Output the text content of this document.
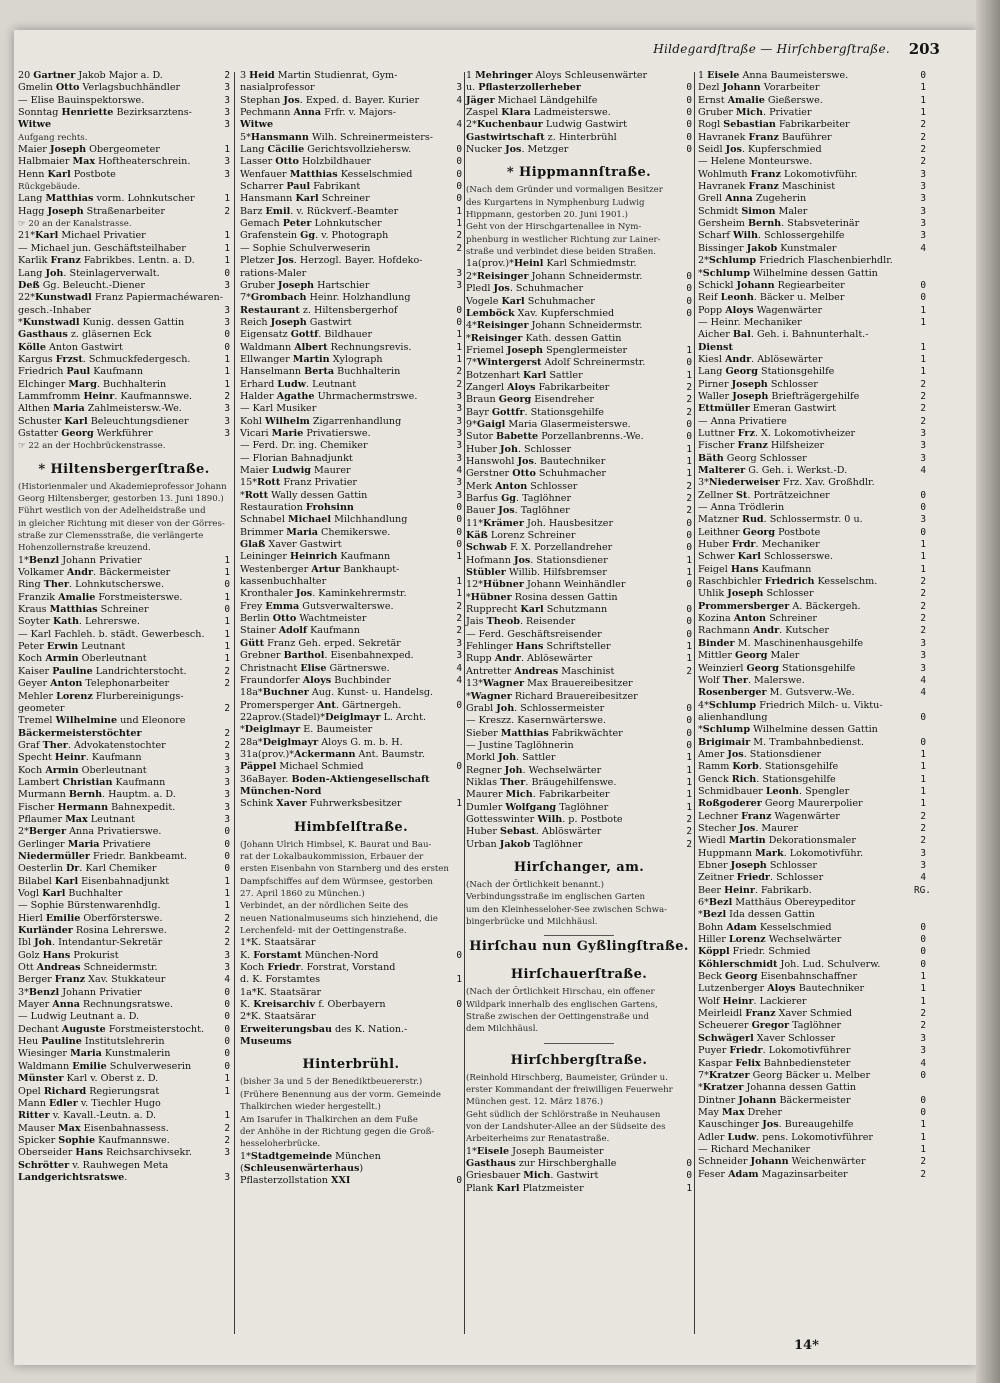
Hildegardſtraße — Hirſchbergſtraße. 203
20 Gartner Jakob Major a. D.	2
Gmelin Otto Verlagsbuchhändler	3
— Elise Bauinspektorswe.	3
Sonntag Henriette Bezirksarztens-	3
Witwe	3
Aufgang rechts.
Maier Joseph Obergeometer	1
Halbmaier Max Hoftheaterschrein.	3
Henn Karl Postbote	3
Rückgebäude.
Lang Matthias vorm. Lohnkutscher	1
Hagg Joseph Straßenarbeiter	2
☞ 20 an der Kanalstrasse.
21*Karl Michael Privatier	1
— Michael jun. Geschäftsteilhaber	1
Karlik Franz Fabrikbes. Lentn. a. D.	1
Lang Joh. Steinlagerverwalt.	0
Deß Gg. Beleucht.-Diener	3
22*Kunstwadl Franz Papiermachéwaren-
gesch.-Inhaber	3
*Kunstwadl Kunig. dessen Gattin	3
Gasthaus z. gläsernen Eck	0
Kölle Anton Gastwirt	0
Kargus Frzst. Schmuckfedergesch.	1
Friedrich Paul Kaufmann	1
Elchinger Marg. Buchhalterin	1
Lammfromm Heinr. Kaufmannswe.	2
Althen Maria Zahlmeistersw.-We.	3
Schuster Karl Beleuchtungsdiener	3
Gstatter Georg Werkführer	3
☞ 22 an der Hochbrückenstrasse.
* Hiltensbergerſtraße.
(Historienmaler und Akademieprofessor Johann
Georg Hiltensberger, gestorben 13. Juni 1890.)
Führt westlich von der Adelheidstraße und
in gleicher Richtung mit dieser von der Görres-
straße zur Clemensstraße, die verlängerte
Hohenzollernstraße kreuzend.
1*Benzl Johann Privatier	1
Volkamer Andr. Bäckermeister	1
Ring Ther. Lohnkutscherswe.	0
Franzik Amalie Forstmeisterswe.	1
Kraus Matthias Schreiner	0
Soyter Kath. Lehrerswe.	1
— Karl Fachleh. b. städt. Gewerbesch.	1
Peter Erwin Leutnant	1
Koch Armin Oberleutnant	1
Kaiser Pauline Landrichterstocht.	2
Geyer Anton Telephonarbeiter	2
Mehler Lorenz Flurbereinigungs-
geometer	2
Tremel Wilhelmine und Eleonore
Bäckermeisterstöchter	2
Graf Ther. Advokatenstochter	2
Specht Heinr. Kaufmann	3
Koch Armin Oberleutnant	3
Lambert Christian Kaufmann	3
Murmann Bernh. Hauptm. a. D.	3
Fischer Hermann Bahnexpedit.	3
Pflaumer Max Leutnant	3
2*Berger Anna Privatierswe.	0
Gerlinger Maria Privatiere	0
Niedermüller Friedr. Bankbeamt.	0
Oesterlin Dr. Karl Chemiker	0
Bilabel Karl Eisenbahnadjunkt	1
Vogl Karl Buchhalter	1
— Sophie Bürstenwarenhdlg.	1
Hierl Emilie Oberförsterswe.	2
Kurländer Rosina Lehrerswe.	2
Ibl Joh. Intendantur-Sekretär	2
Golz Hans Prokurist	3
Ott Andreas Schneidermstr.	3
Berger Franz Xav. Stukkateur	4
3*Benzl Johann Privatier	0
Mayer Anna Rechnungsratswe.	0
— Ludwig Leutnant a. D.	0
Dechant Auguste Forstmeisterstocht.	0
Heu Pauline Institutslehrerin	0
Wiesinger Maria Kunstmalerin	0
Waldmann Emilie Schulverweserin	0
Münster Karl v. Oberst z. D.	1
Opel Richard Regierungsrat	1
Mann Edler v. Tiechler Hugo
Ritter v. Kavall.-Leutn. a. D.	1
Mauser Max Eisenbahnassess.	2
Spicker Sophie Kaufmannswe.	2
Oberseider Hans Reichsarchivsekr.	3
Schrötter v. Rauhwegen Meta
Landgerichtsratswe.	3
3 Heid Martin Studienrat, Gym-
nasialprofessor	3
Stephan Jos. Exped. d. Bayer. Kurier	4
Pechmann Anna Frfr. v. Majors-
Witwe	4
5*Hansmann Wilh. Schreinermeisters-
Lang Cäcilie Gerichtsvollziehersw.	0
Lasser Otto Holzbildhauer	0
Wenfauer Matthias Kesselschmied	0
Scharrer Paul Fabrikant	0
Hansmann Karl Schreiner	0
Barz Emil. v. Rückverf.-Beamter	1
Gemach Peter Lohnkutscher	1
Grafenstein Gg. v. Photograph	2
— Sophie Schulverweserin	2
Pletzer Jos. Herzogl. Bayer. Hofdeko-
rations-Maler	3
Gruber Joseph Hartschier	3
7*Grombach Heinr. Holzhandlung
Restaurant z. Hiltensbergerhof	0
Reich Joseph Gastwirt	0
Eigensatz Gottf. Bildhauer	1
Waldmann Albert Rechnungsrevis.	1
Ellwanger Martin Xylograph	1
Hanselmann Berta Buchhalterin	2
Erhard Ludw. Leutnant	2
Halder Agathe Uhrmachermstrswe.	3
— Karl Musiker	3
Kohl Wilhelm Zigarrenhandlung	3
Vicari Marie Privatierswe.	3
— Ferd. Dr. ing. Chemiker	3
— Florian Bahnadjunkt	3
Maier Ludwig Maurer	4
15*Rott Franz Privatier	3
*Rott Wally dessen Gattin	3
Restauration Frohsinn	0
Schnabel Michael Milchhandlung	0
Brimmer Maria Chemikerswe.	0
Glaß Xaver Gastwirt	0
Leininger Heinrich Kaufmann	1
Westenberger Artur Bankhaupt-
kassenbuchhalter	1
Kronthaler Jos. Kaminkehrermstr.	1
Frey Emma Gutsverwalterswe.	2
Berlin Otto Wachtmeister	2
Stainer Adolf Kaufmann	2
Gütt Franz Geh. erped. Sekretär	3
Grebner Barthol. Eisenbahnexped.	3
Christnacht Elise Gärtnerswe.	4
Fraundorfer Aloys Buchbinder	4
18a*Buchner Aug. Kunst- u. Handelsg.
Promersperger Ant. Gärtnergeh.	0
22aprov.(Stadel)*Deiglmayr L. Archt.
*Deiglmayr E. Baumeister
28a*Deiglmayr Aloys G. m. b. H.
31a(prov.)*Ackermann Ant. Baumstr.
Päppel Michael Schmied	0
36aBayer. Boden-Aktiengesellschaft
München-Nord
Schink Xaver Fuhrwerksbesitzer	1
Himbſelſtraße.
(Johann Ulrich Himbsel, K. Baurat und Bau-
rat der Lokalbaukommission, Erbauer der
ersten Eisenbahn von Starnberg und des ersten
Dampfschiffes auf dem Würmsee, gestorben
27. April 1860 zu München.)
Verbindet, an der nördlichen Seite des
neuen Nationalmuseums sich hinziehend, die
Lerchenfeld- mit der Oettingenstraße.
1*K. Staatsärar
K. Forstamt München-Nord	0
Koch Friedr. Forstrat, Vorstand
d. K. Forstamtes	1
1a*K. Staatsärar
K. Kreisarchiv f. Oberbayern	0
2*K. Staatsärar
Erweiterungsbau des K. Nation.-
Museums
Hinterbrühl.
(bisher 3a und 5 der Benediktbeuererstr.)
(Frühere Benennung aus der vorm. Gemeinde
Thalkirchen wieder hergestellt.)
Am Isarufer in Thalkirchen an dem Fuße
der Anhöhe in der Richtung gegen die Groß-
hesseloherbrücke.
1*Stadtgemeinde München
(Schleusenwärterhaus)
Pflasterzollstation XXI	0
1 Mehringer Aloys Schleusenwärter
u. Pflasterzollerheber	0
Jäger Michael Ländgehilfe	0
Zaspel Klara Ladmeisterswe.	0
2*Kuchenbaur Ludwig Gastwirt	0
Gastwirtschaft z. Hinterbrühl	0
Nucker Jos. Metzger	0
* Hippmannſtraße.
(Nach dem Gründer und vormaligen Besitzer
des Kurgartens in Nymphenburg Ludwig
Hippmann, gestorben 20. Juni 1901.)
Geht von der Hirschgartenallee in Nym-
phenburg in westlicher Richtung zur Lainer-
straße und verbindet diese beiden Straßen.
1a(prov.)*Heinl Karl Schmiedmstr.
2*Reisinger Johann Schneidermstr.	0
Pledl Jos. Schuhmacher	0
Vogele Karl Schuhmacher	0
Lemböck Xav. Kupferschmied	0
4*Reisinger Johann Schneidermstr.
*Reisinger Kath. dessen Gattin
Friemel Joseph Spenglermeister	1
7*Wintergerst Adolf Schreinermstr.	0
Botzenhart Karl Sattler	1
Zangerl Aloys Fabrikarbeiter	2
Braun Georg Eisendreher	2
Bayr Gottfr. Stationsgehilfe	2
9*Gaigl Maria Glasermeisterswe.	0
Sutor Babette Porzellanbrenns.-We.	0
Huber Joh. Schlosser	1
Hanswohl Jos. Bautechniker	1
Gerstner Otto Schuhmacher	1
Merk Anton Schlosser	2
Barfus Gg. Taglöhner	2
Bauer Jos. Taglöhner	2
11*Krämer Joh. Hausbesitzer	0
Käß Lorenz Schreiner	0
Schwab F. X. Porzellandreher	0
Hofmann Jos. Stationsdiener	1
Stübler Willib. Hilfsbremser	1
12*Hübner Johann Weinhändler	0
*Hübner Rosina dessen Gattin
Rupprecht Karl Schutzmann	0
Jais Theob. Reisender	0
— Ferd. Geschäftsreisender	0
Fehlinger Hans Schriftsteller	1
Rupp Andr. Ablösewärter	1
Antretter Andreas Maschinist	2
13*Wagner Max Brauereibesitzer
*Wagner Richard Brauereibesitzer
Grabl Joh. Schlossermeister	0
— Kreszz. Kasernwärterswe.	0
Sieber Matthias Fabrikwächter	0
— Justine Taglöhnerin	0
Morkl Joh. Sattler	1
Regner Joh. Wechselwärter	1
Niklas Ther. Bräugehilfenswe.	1
Maurer Mich. Fabrikarbeiter	1
Dumler Wolfgang Taglöhner	1
Gottesswinter Wilh. p. Postbote	2
Huber Sebast. Ablöswärter	2
Urban Jakob Taglöhner	2
Hirſchanger, am.
(Nach der Örtlichkeit benannt.)
Verbindungsstraße im englischen Garten
um den Kleinhesseloher-See zwischen Schwa-
bingerbrücke und Milchhäusl.
Hirſchau nun Gyßlingſtraße.
Hirſchauerſtraße.
(Nach der Örtlichkeit Hirschau, ein offener
Wildpark innerhalb des englischen Gartens,
Straße zwischen der Oettingenstraße und
dem Milchhäusl.
Hirſchbergſtraße.
(Reinhold Hirschberg, Baumeister, Gründer u.
erster Kommandant der freiwilligen Feuerwehr
München gest. 12. März 1876.)
Geht südlich der Schlörstraße in Neuhausen
von der Landshuter-Allee an der Südseite des
Arbeiterheims zur Renatastraße.
1*Eisele Joseph Baumeister
Gasthaus zur Hirschberghalle	0
Griesbauer Mich. Gastwirt	0
Plank Karl Platzmeister	1
1 Eisele Anna Baumeisterswe.	0
Dezl Johann Vorarbeiter	1
Ernst Amalie Gießerswe.	1
Gruber Mich. Privatier	1
Rogl Sebastian Fabrikarbeiter	2
Havranek Franz Bauführer	2
Seidl Jos. Kupferschmied	2
— Helene Monteurswe.	2
Wohlmuth Franz Lokomotivführ.	3
Havranek Franz Maschinist	3
Grell Anna Zugeherin	3
Schmidt Simon Maler	3
Gersheim Bernh. Stabsveterinär	3
Scharf Wilh. Schlossergehilfe	3
Bissinger Jakob Kunstmaler	4
2*Schlump Friedrich Flaschenbierhdlr.
*Schlump Wilhelmine dessen Gattin
Schickl Johann Regiearbeiter	0
Reif Leonh. Bäcker u. Melber	0
Popp Aloys Wagenwärter	1
— Heinr. Mechaniker	1
Aicher Bal. Geh. i. Bahnunterhalt.-
Dienst	1
Kiesl Andr. Ablösewärter	1
Lang Georg Stationsgehilfe	1
Pirner Joseph Schlosser	2
Waller Joseph Briefträgergehilfe	2
Ettmüller Emeran Gastwirt	2
— Anna Privatiere	2
Luttner Frz. X. Lokomotivheizer	3
Fischer Franz Hilfsheizer	3
Bäth Georg Schlosser	3
Malterer G. Geh. i. Werkst.-D.	4
3*Niederweiser Frz. Xav. Großhdlr.
Zellner St. Porträtzeichner	0
— Anna Trödlerin	0
Matzner Rud. Schlossermstr. 0 u.	3
Leithner Georg Postbote	0
Huber Frdr. Mechaniker	1
Schwer Karl Schlosserswe.	1
Feigel Hans Kaufmann	1
Raschbichler Friedrich Kesselschm.	2
Uhlik Joseph Schlosser	2
Prommersberger A. Bäckergeh.	2
Kozina Anton Schreiner	2
Rachmann Andr. Kutscher	2
Binder M. Maschinenhausgehilfe	3
Mittler Georg Maler	3
Weinzierl Georg Stationsgehilfe	3
Wolf Ther. Malerswe.	4
Rosenberger M. Gutsverw.-We.	4
4*Schlump Friedrich Milch- u. Viktu-
alienhandlung	0
*Schlump Wilhelmine dessen Gattin
Brigimair M. Trambahnbedienst.	0
Amer Jos. Stationsdiener	1
Ramm Korb. Stationsgehilfe	1
Genck Rich. Stationsgehilfe	1
Schmidbauer Leonh. Spengler	1
Roßgoderer Georg Maurerpolier	1
Lechner Franz Wagenwärter	2
Stecher Jos. Maurer	2
Wiedl Martin Dekorationsmaler	2
Huppmann Mark. Lokomotivführ.	3
Ebner Joseph Schlosser	3
Zeitner Friedr. Schlosser	4
Beer Heinr. Fabrikarb.	RG.
6*Bezl Matthäus Obereypeditor
*Bezl Ida dessen Gattin
Bohn Adam Kesselschmied	0
Hiller Lorenz Wechselwärter	0
Köppl Friedr. Schmied	0
Köhlerschmidt Joh. Lud. Schulverw.	0
Beck Georg Eisenbahnschaffner	1
Lutzenberger Aloys Bautechniker	1
Wolf Heinr. Lackierer	1
Meirleidl Franz Xaver Schmied	2
Scheuerer Gregor Taglöhner	2
Schwägerl Xaver Schlosser	3
Puyer Friedr. Lokomotivführer	3
Kaspar Felix Bahnbediensteter	4
7*Kratzer Georg Bäcker u. Melber	0
*Kratzer Johanna dessen Gattin
Dintner Johann Bäckermeister	0
May Max Dreher	0
Kauschinger Jos. Bureaugehilfe	1
Adler Ludw. pens. Lokomotivführer	1
— Richard Mechaniker	1
Schneider Johann Weichenwärter	2
Feser Adam Magazinsarbeiter	2
14*
